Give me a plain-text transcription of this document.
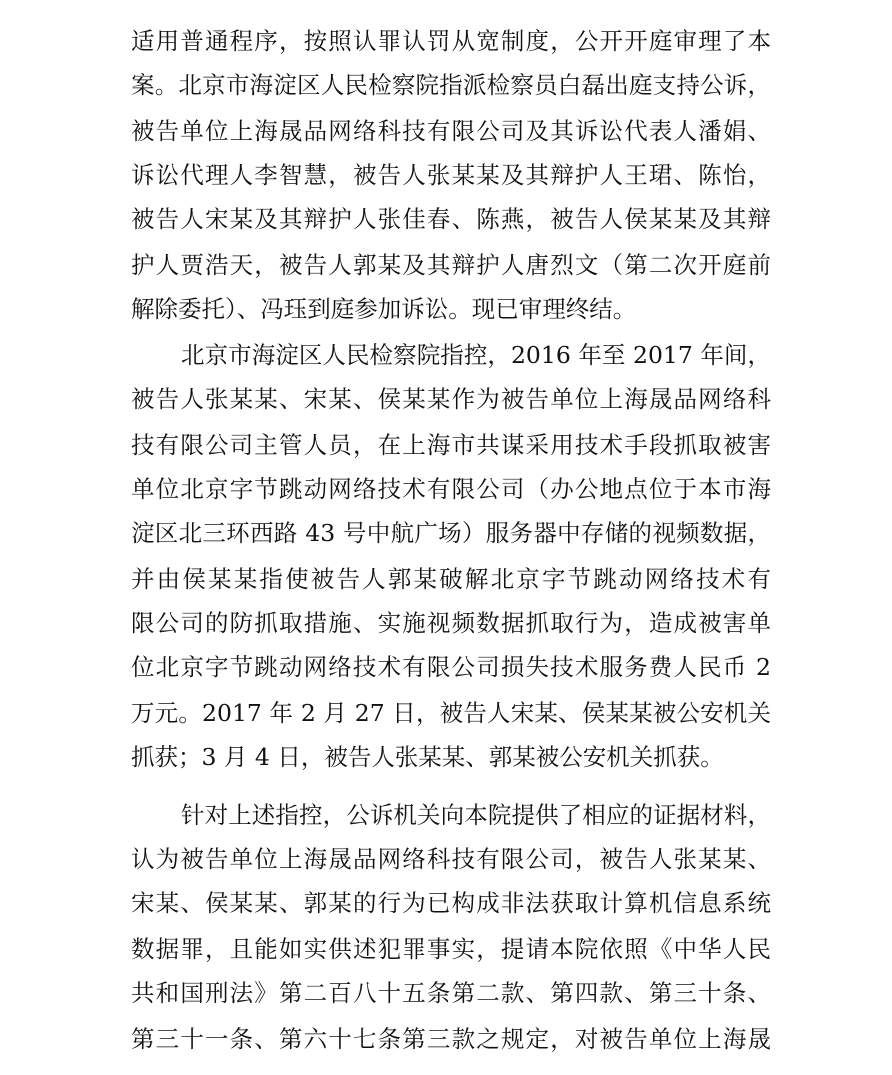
适用普通程序，按照认罪认罚从宽制度，公开开庭审理了本
案。北京市海淀区人民检察院指派检察员白磊出庭支持公诉，
被告单位上海晟品网络科技有限公司及其诉讼代表人潘娟、
诉讼代理人李智慧，被告人张某某及其辩护人王珺、陈怡，
被告人宋某及其辩护人张佳春、陈燕，被告人侯某某及其辩
护人贾浩天，被告人郭某及其辩护人唐烈文（第二次开庭前
解除委托）、冯珏到庭参加诉讼。现已审理终结。
北京市海淀区人民检察院指控，2016 年至 2017 年间，
被告人张某某、宋某、侯某某作为被告单位上海晟品网络科
技有限公司主管人员，在上海市共谋采用技术手段抓取被害
单位北京字节跳动网络技术有限公司（办公地点位于本市海
淀区北三环西路 43 号中航广场）服务器中存储的视频数据，
并由侯某某指使被告人郭某破解北京字节跳动网络技术有
限公司的防抓取措施、实施视频数据抓取行为，造成被害单
位北京字节跳动网络技术有限公司损失技术服务费人民币 2
万元。2017 年 2 月 27 日，被告人宋某、侯某某被公安机关
抓获；3 月 4 日，被告人张某某、郭某被公安机关抓获。
针对上述指控，公诉机关向本院提供了相应的证据材料，
认为被告单位上海晟品网络科技有限公司，被告人张某某、
宋某、侯某某、郭某的行为已构成非法获取计算机信息系统
数据罪，且能如实供述犯罪事实，提请本院依照《中华人民
共和国刑法》第二百八十五条第二款、第四款、第三十条、
第三十一条、第六十七条第三款之规定，对被告单位上海晟
